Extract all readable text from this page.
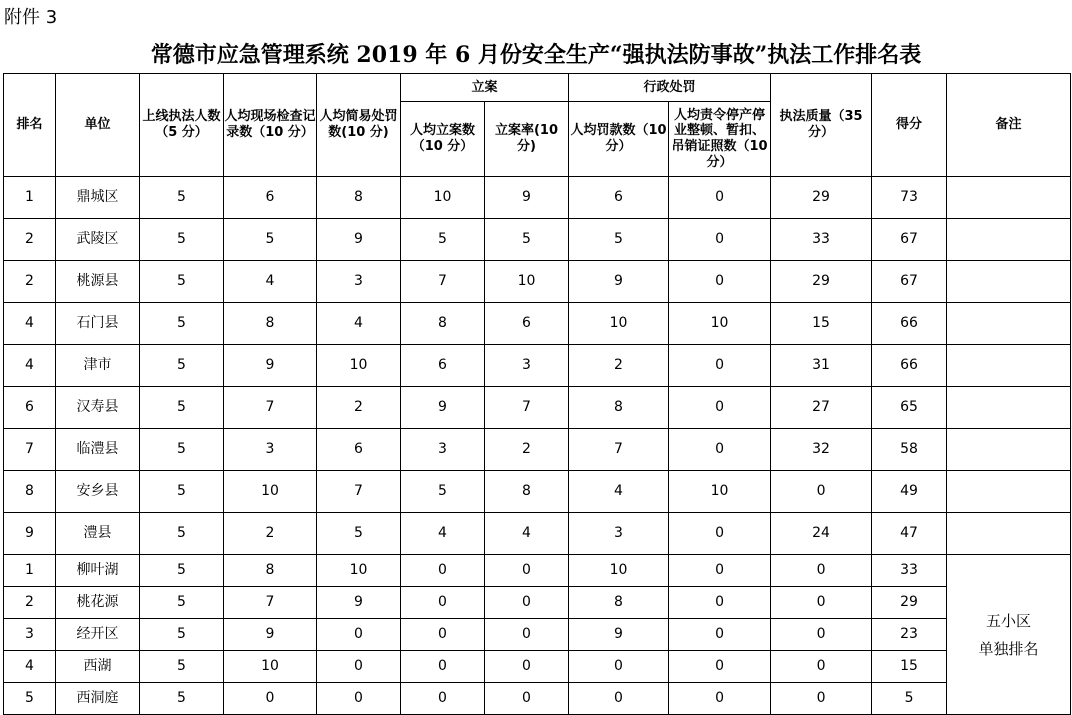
附件 3
常德市应急管理系统 2019 年 6 月份安全生产“强执法防事故”执法工作排名表
排名	单位	上线执法人数（5 分）	人均现场检查记录数（10 分）	人均简易处罚数(10 分)	立案		行政处罚		执法质量（35 分）	得分	备注
					人均立案数（10 分）	立案率(10 分)	人均罚款数（10 分）	人均责令停产停业整顿、暂扣、吊销证照数（10 分）			
1	鼎城区	5	6	8	10	9	6	0	29	73	
2	武陵区	5	5	9	5	5	5	0	33	67	
2	桃源县	5	4	3	7	10	9	0	29	67	
4	石门县	5	8	4	8	6	10	10	15	66	
4	津市	5	9	10	6	3	2	0	31	66	
6	汉寿县	5	7	2	9	7	8	0	27	65	
7	临澧县	5	3	6	3	2	7	0	32	58	
8	安乡县	5	10	7	5	8	4	10	0	49	
9	澧县	5	2	5	4	4	3	0	24	47	
1	柳叶湖	5	8	10	0	0	10	0	0	33	五小区
单独排名

2	桃花源	5	7	9	0	0	8	0	0	29	
3	经开区	5	9	0	0	0	9	0	0	23	
4	西湖	5	10	0	0	0	0	0	0	15	
5	西洞庭	5	0	0	0	0	0	0	0	5	
